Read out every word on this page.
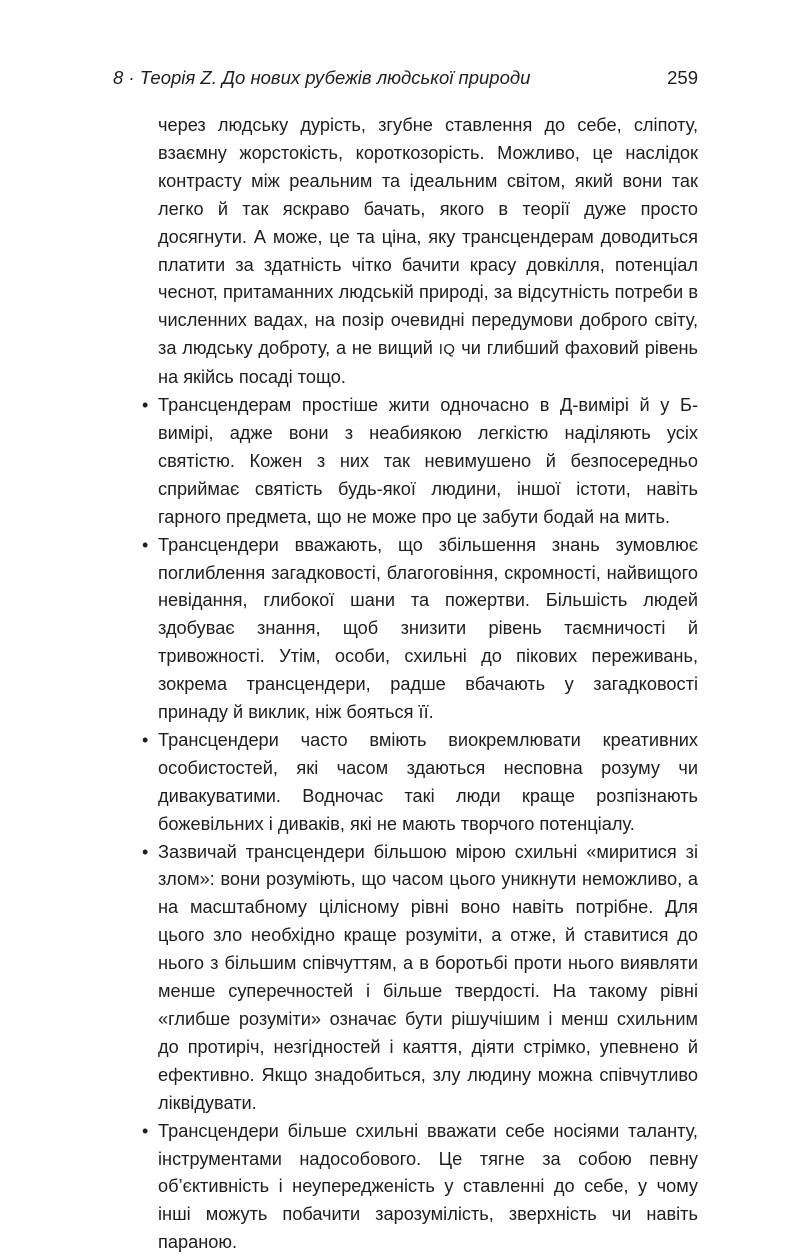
8 · Теорія Z. До нових рубежів людської природи	259

через людську дурість, згубне ставлення до себе, сліпоту, взаємну жорстокість, короткозорість. Можливо, це наслідок контрасту між реальним та ідеальним світом, який вони так легко й так яскраво бачать, якого в теорії дуже просто досягнути. А може, це та ціна, яку трансцендерам доводиться платити за здатність чітко бачити красу довкілля, потенціал чеснот, притаманних людській природі, за відсутність потреби в численних вадах, на позір очевидні передумови доброго світу, за людську доброту, а не вищий IQ чи глибший фаховий рівень на якійсь посаді тощо.

• Трансцендерам простіше жити одночасно в Д-вимірі й у Б-вимірі, адже вони з неабиякою легкістю наділяють усіх святістю. Кожен з них так невимушено й безпосередньо сприймає святість будь-якої людини, іншої істоти, навіть гарного предмета, що не може про це забути бодай на мить.

• Трансцендери вважають, що збільшення знань зумовлює поглиблення загадковості, благоговіння, скромності, найвищого невідання, глибокої шани та пожертви. Більшість людей здобуває знання, щоб знизити рівень таємничості й тривожності. Утім, особи, схильні до пікових переживань, зокрема трансцендери, радше вбачають у загадковості принаду й виклик, ніж бояться її.

• Трансцендери часто вміють виокремлювати креативних особистостей, які часом здаються несповна розуму чи дивакуватими. Водночас такі люди краще розпізнають божевільних і диваків, які не мають творчого потенціалу.

• Зазвичай трансцендери більшою мірою схильні «миритися зі злом»: вони розуміють, що часом цього уникнути неможливо, а на масштабному цілісному рівні воно навіть потрібне. Для цього зло необхідно краще розуміти, а отже, й ставитися до нього з більшим співчуттям, а в боротьбі проти нього виявляти менше суперечностей і більше твердості. На такому рівні «глибше розуміти» означає бути рішучішим і менш схильним до протиріч, незгідностей і каяття, діяти стрімко, упевнено й ефективно. Якщо знадобиться, злу людину можна співчутливо ліквідувати.

• Трансцендери більше схильні вважати себе носіями таланту, інструментами надособового. Це тягне за собою певну об’єктивність і неупередженість у ставленні до себе, у чому інші можуть побачити зарозумілість, зверхність чи навіть параною.
